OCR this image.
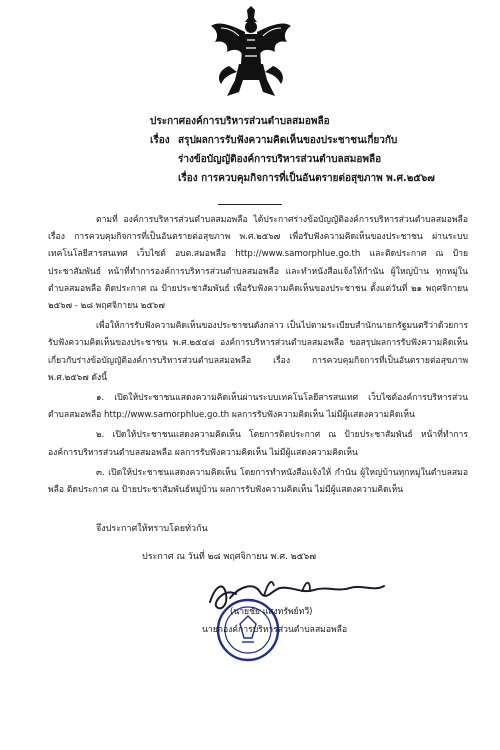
ประกาศองค์การบริหารส่วนตำบลสมอพลือ
เรื่อง สรุปผลการรับฟังความคิดเห็นของประชาชนเกี่ยวกับ
ร่างข้อบัญญัติองค์การบริหารส่วนตำบลสมอพลือ
เรื่อง การควบคุมกิจการที่เป็นอันตรายต่อสุขภาพ พ.ศ.๒๕๖๗

ตามที่ องค์การบริหารส่วนตำบลสมอพลือ ได้ประกาศร่างข้อบัญญัติองค์การบริหารส่วนตำบลสมอพลือ เรื่อง การควบคุมกิจการที่เป็นอันตรายต่อสุขภาพ พ.ศ.๒๕๖๗ เพื่อรับฟังความคิดเห็นของประชาชน ผ่านระบบเทคโนโลยีสารสนเทศ เว็บไซต์ อบต.สมอพลือ http://www.samorphlue.go.th และติดประกาศ ณ ป้ายประชาสัมพันธ์ หน้าที่ทำการองค์การบริหารส่วนตำบลสมอพลือ และทำหนังสือแจ้งให้กำนัน ผู้ใหญ่บ้าน ทุกหมู่ในตำบลสมอพลือ ติดประกาศ ณ ป้ายประชาสัมพันธ์ เพื่อรับฟังความคิดเห็นของประชาชน ตั้งแต่วันที่ ๒๑ พฤศจิกายน ๒๕๖๗ - ๒๘ พฤศจิกายน ๒๕๖๗

เพื่อให้การรับฟังความคิดเห็นของประชาชนดังกล่าว เป็นไปตามระเบียบสำนักนายกรัฐมนตรีว่าด้วยการรับฟังความคิดเห็นของประชาชน พ.ศ.๒๕๔๘ องค์การบริหารส่วนตำบลสมอพลือ ขอสรุปผลการรับฟังความคิดเห็นเกี่ยวกับร่างข้อบัญญัติองค์การบริหารส่วนตำบลสมอพลือ เรื่อง การควบคุมกิจการที่เป็นอันตรายต่อสุขภาพ พ.ศ.๒๕๖๗ ดังนี้

๑. เปิดให้ประชาชนแสดงความคิดเห็นผ่านระบบเทคโนโลยีสารสนเทศ เว็บไซต์องค์การบริหารส่วนตำบลสมอพลือ http://www.samorphlue.go.th ผลการรับฟังความคิดเห็น ไม่มีผู้แสดงความคิดเห็น

๒. เปิดให้ประชาชนแสดงความคิดเห็น โดยการติดประกาศ ณ ป้ายประชาสัมพันธ์ หน้าที่ทำการองค์การบริหารส่วนตำบลสมอพลือ ผลการรับฟังความคิดเห็น ไม่มีผู้แสดงความคิดเห็น

๓. เปิดให้ประชาชนแสดงความคิดเห็น โดยการทำหนังสือแจ้งให้ กำนัน ผู้ใหญ่บ้านทุกหมู่ในตำบลสมอพลือ ติดประกาศ ณ ป้ายประชาสัมพันธ์หมู่บ้าน ผลการรับฟังความคิดเห็น ไม่มีผู้แสดงความคิดเห็น

จึงประกาศให้ทราบโดยทั่วกัน
ประกาศ ณ วันที่ ๒๘ พฤศจิกายน พ.ศ. ๒๕๖๗
(นายชัย แสงทรัพย์ทวี)
นายกองค์การบริหารส่วนตำบลสมอพลือ
